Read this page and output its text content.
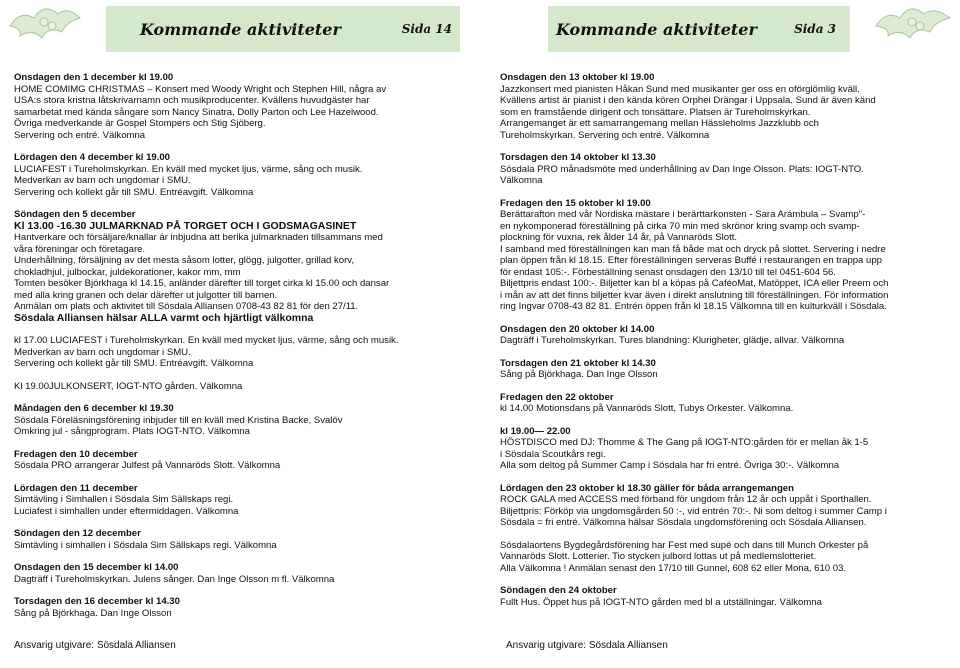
Kommande aktiviteter	Sida 14	Kommande aktiviteter	Sida 3

Onsdagen den 1 december kl 19.00

HOME COMIMG CHRISTMAS – Konsert med Woody Wright och Stephen Hill, några av

USA:s stora kristna låtskrivarnamn och musikproducenter. Kvällens huvudgäster har

samarbetat med kända sångare som Nancy Sinatra, Dolly Parton och Lee Hazelwood.

Övriga medverkande är Gospel Stompers och Stig Sjöberg.

Servering och entré. Välkomna

Lördagen den 4 december kl 19.00

LUCIAFEST i Tureholmskyrkan. En kväll med mycket ljus, värme, sång och musik.

Medverkan av barn och ungdomar i SMU.

Servering och kollekt går till SMU. Entréavgift. Välkomna

Söndagen den 5 december

Kl 13.00 -16.30 JULMARKNAD PÅ TORGET OCH I GODSMAGASINET

Hantverkare och försäljare/knallar är inbjudna att berika julmarknaden tillsammans med

våra föreningar och företagare.

Underhållning, försäljning av det mesta såsom lotter, glögg, julgotter, grillad korv,

chokladhjul, julbockar, juldekorationer, kakor mm, mm

Tomten besöker Björkhaga kl 14.15, anländer därefter till torget cirka kl 15.00 och dansar

med alla kring granen och delar därefter ut julgotter till barnen.

Anmälan om plats och aktivitet till Sösdala Alliansen 0708-43 82 81 för den 27/11.

Sösdala Alliansen hälsar ALLA varmt och hjärtligt välkomna

kl 17.00 LUCIAFEST i Tureholmskyrkan. En kväll med mycket ljus, värme, sång och musik.

Medverkan av barn och ungdomar i SMU.

Servering och kollekt går till SMU. Entréavgift. Välkomna

Kl 19.00JULKONSERT, IOGT-NTO gården. Välkomna

Måndagen den 6 december kl 19.30

Sösdala Föreläsningsförening inbjuder till en kväll med Kristina Backe, Svalöv

Omkring jul - sångprogram. Plats IOGT-NTO. Välkomna

Fredagen den 10 december

Sösdala PRO arrangerar Julfest på Vannaröds Slott. Välkomna

Lördagen den 11 december

Simtävling i Simhallen i Sösdala Sim Sällskaps regi.

Luciafest i simhallen under eftermiddagen. Välkomna

Söndagen den 12 december

Simtävling i simhallen i Sösdala Sim Sällskaps regi. Välkomna

Onsdagen den 15 december kl 14.00

Dagträff i Tureholmskyrkan. Julens sånger. Dan Inge Olsson m fl. Välkomna

Torsdagen den 16 december kl 14.30

Sång på Björkhaga. Dan Inge Olsson

Onsdagen den 13 oktober kl 19.00

Jazzkonsert med pianisten Håkan Sund med musikanter ger oss en oförglömlig kväll.

Kvällens artist är pianist i den kända kören Orphei Drängar i Uppsala. Sund är även känd

som en framstående dirigent och tonsättare. Platsen är Tureholmskyrkan.

Arrangemanget är ett samarrangemang mellan Hässleholms Jazzklubb och

Tureholmskyrkan. Servering och entré. Välkomna

Torsdagen den 14 oktober kl 13.30

Sösdala PRO månadsmöte med underhållning av Dan Inge Olsson. Plats: IOGT-NTO.

Välkomna

Fredagen den 15 oktober kl 19.00

Berättarafton med vår Nordiska mästare i berärttarkonsten - Sara Arámbula – Svamp"-

en nykomponerad föreställning på cirka 70 min med skrönor kring svamp och svamp-

plockning för vuxna, rek ålder 14 år, på Vannaröds Slott.

I samband med föreställningen kan man få både mat och dryck på slottet. Servering i nedre

plan öppen från kl 18.15. Efter föreställningen serveras Buffé i restaurangen en trappa upp

för endast 105:-. Förbeställning senast onsdagen den 13/10 till tel 0451-604 56.

Biljettpris endast 100:-. Biljetter kan bl a köpas på CaféoMat, Matöppet, ICA eller Preem och

i mån av att det finns biljetter kvar även i direkt anslutning till föreställningen. För information

ring Ingvar 0708-43 82 81. Entrén öppen från kl 18.15 Välkomna till en kulturkväll i Sösdala.

Onsdagen den 20 oktober kl 14.00

Dagträff i Tureholmskyrkan. Tures blandning: Klurigheter, glädje, allvar. Välkomna

Torsdagen den 21 oktober kl 14.30

Sång på Björkhaga. Dan Inge Olsson

Fredagen den 22 oktober

kl 14.00 Motionsdans på Vannaröds Slott, Tubys Orkester. Välkomna.

kl 19.00— 22.00

HÖSTDISCO med DJ: Thomme & The Gang på IOGT-NTO:gården för er mellan åk 1-5

i Sösdala Scoutkårs regi.

Alla som deltog på Summer Camp i Sösdala har fri entré. Övriga 30:-. Välkomna

Lördagen den 23 oktober kl 18.30 gäller för båda arrangemangen

ROCK GALA med ACCESS med förband för ungdom från 12 år och uppåt i Sporthallen.

Biljettpris: Förköp via ungdomsgården 50 :-, vid entrén 70:-. Ni som deltog i summer Camp i

Sösdala = fri entré. Välkomna hälsar Sösdala ungdomsförening och Sösdala Alliansen.

Sösdalaortens Bygdegårdsförening har Fest med supé och dans till Munch Orkester på

Vannaröds Slott. Lotterier. Tio stycken julbord lottas ut på medlemslotteriet.

Alla Välkomna ! Anmälan senast den 17/10 till Gunnel, 608 62 eller Mona, 610 03.

Söndagen den 24 oktober

Fullt Hus. Öppet hus på IOGT-NTO gården med bl a utställningar. Välkomna

Ansvarig utgivare: Sösdala Alliansen	Ansvarig utgivare: Sösdala Alliansen
